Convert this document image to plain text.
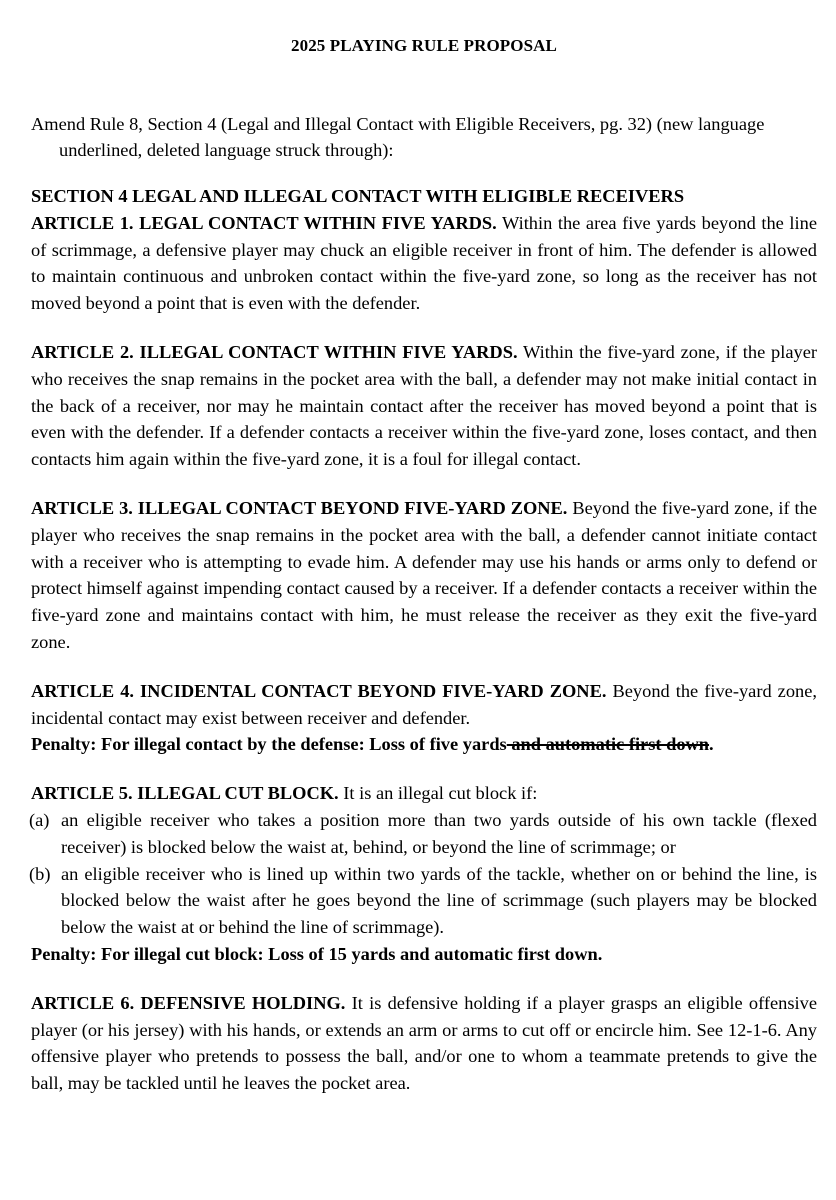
2025 PLAYING RULE PROPOSAL

Amend Rule 8, Section 4 (Legal and Illegal Contact with Eligible Receivers, pg. 32) (new language underlined, deleted language struck through):

SECTION 4 LEGAL AND ILLEGAL CONTACT WITH ELIGIBLE RECEIVERS

ARTICLE 1. LEGAL CONTACT WITHIN FIVE YARDS. Within the area five yards beyond the line of scrimmage, a defensive player may chuck an eligible receiver in front of him. The defender is allowed to maintain continuous and unbroken contact within the five-yard zone, so long as the receiver has not moved beyond a point that is even with the defender.

ARTICLE 2. ILLEGAL CONTACT WITHIN FIVE YARDS. Within the five-yard zone, if the player who receives the snap remains in the pocket area with the ball, a defender may not make initial contact in the back of a receiver, nor may he maintain contact after the receiver has moved beyond a point that is even with the defender. If a defender contacts a receiver within the five-yard zone, loses contact, and then contacts him again within the five-yard zone, it is a foul for illegal contact.

ARTICLE 3. ILLEGAL CONTACT BEYOND FIVE-YARD ZONE. Beyond the five-yard zone, if the player who receives the snap remains in the pocket area with the ball, a defender cannot initiate contact with a receiver who is attempting to evade him. A defender may use his hands or arms only to defend or protect himself against impending contact caused by a receiver. If a defender contacts a receiver within the five-yard zone and maintains contact with him, he must release the receiver as they exit the five-yard zone.

ARTICLE 4. INCIDENTAL CONTACT BEYOND FIVE-YARD ZONE. Beyond the five-yard zone, incidental contact may exist between receiver and defender.

Penalty: For illegal contact by the defense: Loss of five yards and automatic first down.

ARTICLE 5. ILLEGAL CUT BLOCK. It is an illegal cut block if:

(a) an eligible receiver who takes a position more than two yards outside of his own tackle (flexed receiver) is blocked below the waist at, behind, or beyond the line of scrimmage; or

(b) an eligible receiver who is lined up within two yards of the tackle, whether on or behind the line, is blocked below the waist after he goes beyond the line of scrimmage (such players may be blocked below the waist at or behind the line of scrimmage).

Penalty: For illegal cut block: Loss of 15 yards and automatic first down.

ARTICLE 6. DEFENSIVE HOLDING. It is defensive holding if a player grasps an eligible offensive player (or his jersey) with his hands, or extends an arm or arms to cut off or encircle him. See 12-1-6. Any offensive player who pretends to possess the ball, and/or one to whom a teammate pretends to give the ball, may be tackled until he leaves the pocket area.
